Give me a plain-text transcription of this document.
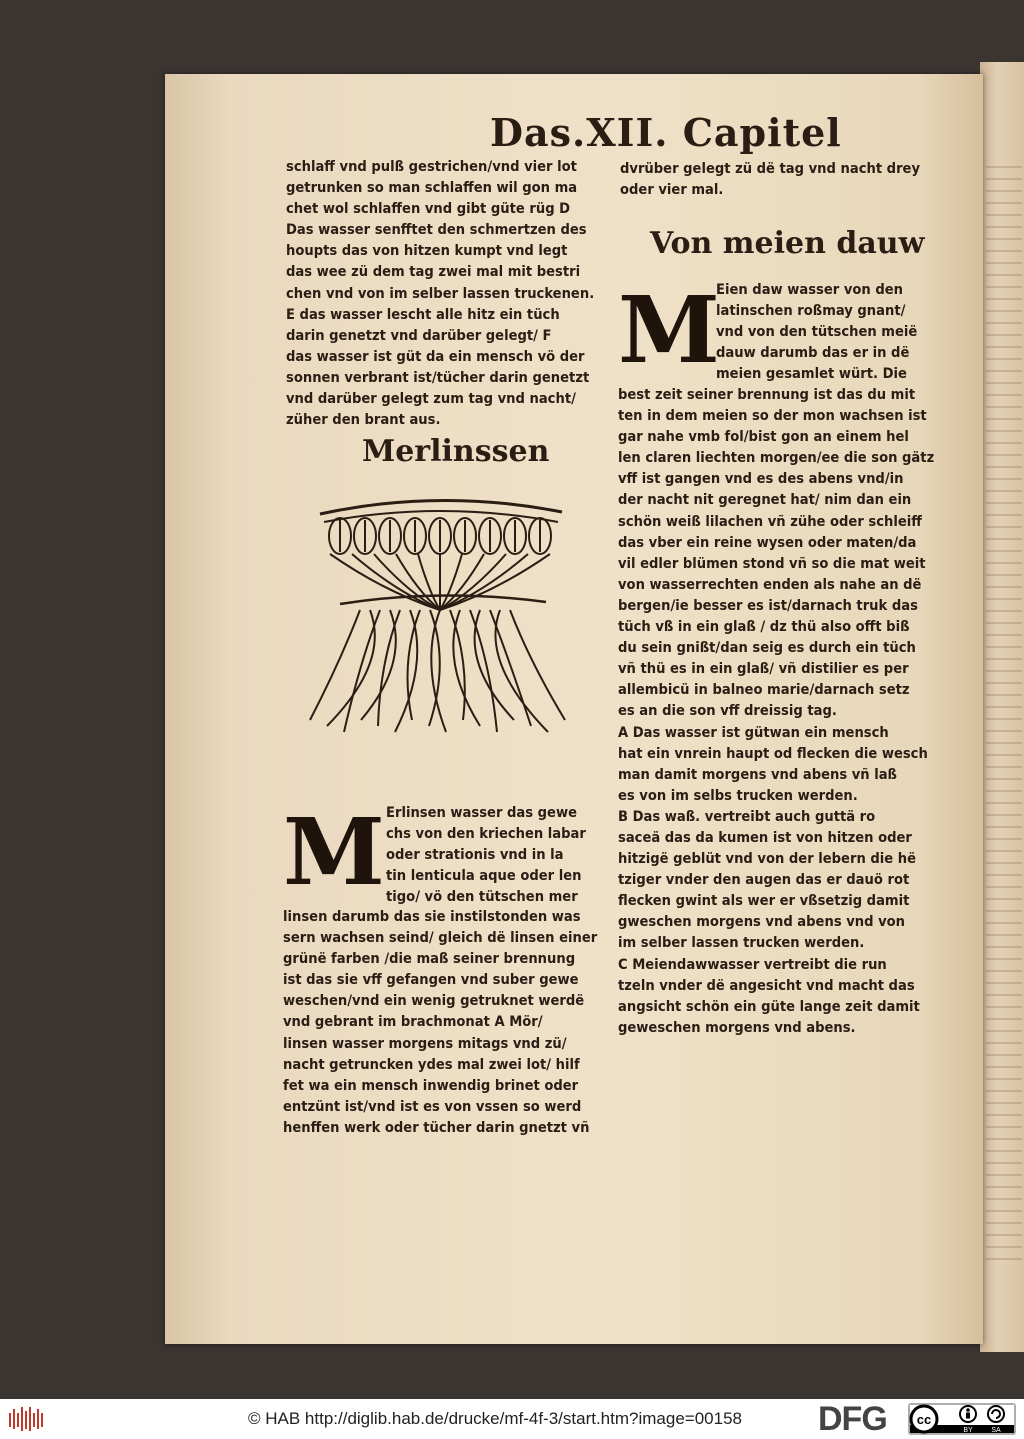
Das.XII. Capitel
schlaff vnd pulß gestrichen/vnd vier lot
getrunken so man schlaffen wil gon ma
chet wol schlaffen vnd gibt güte rüg D
Das wasser senfftet den schmertzen des
houpts das von hitzen kumpt vnd legt
das wee zü dem tag zwei mal mit bestri
chen vnd von im selber lassen truckenen.
E das wasser lescht alle hitz ein tüch
darin genetzt vnd darüber gelegt/ F
das wasser ist güt da ein mensch vö der
sonnen verbrant ist/tücher darin genetzt
vnd darüber gelegt zum tag vnd nacht/
züher den brant aus.
Merlinssen
M Erlinsen wasser das gewe
chs von den kriechen labar
oder strationis vnd in la
tin lenticula aque oder len
tigo/ vö den tütschen mer
linsen darumb das sie instilstonden was
sern wachsen seind/ gleich dë linsen einer
grünë farben /die maß seiner brennung
ist das sie vff gefangen vnd suber gewe
weschen/vnd ein wenig getruknet werdë
vnd gebrant im brachmonat A Mör/
linsen wasser morgens mitags vnd zü/
nacht getruncken ydes mal zwei lot/ hilf
fet wa ein mensch inwendig brinet oder
entzünt ist/vnd ist es von vssen so werd
henffen werk oder tücher darin gnetzt vñ
dvrüber gelegt zü dë tag vnd nacht drey
oder vier mal.
Von meien dauw
M
Eien daw wasser von den
latinschen roßmay gnant/
vnd von den tütschen meië
dauw darumb das er in dë
meien gesamlet würt. Die
best zeit seiner brennung ist das du mit
ten in dem meien so der mon wachsen ist
gar nahe vmb fol/bist gon an einem hel
len claren liechten morgen/ee die son gätz
vff ist gangen vnd es des abens vnd/in
der nacht nit geregnet hat/ nim dan ein
schön weiß lilachen vñ zühe oder schleiff
das vber ein reine wysen oder maten/da
vil edler blümen stond vñ so die mat weit
von wasserrechten enden als nahe an dë
bergen/ie besser es ist/darnach truk das
tüch vß in ein glaß / dz thü also offt biß
du sein gnißt/dan seig es durch ein tüch
vñ thü es in ein glaß/ vñ distilier es per
allembicü in balneo marie/darnach setz
es an die son vff dreissig tag.
A Das wasser ist gütwan ein mensch
hat ein vnrein haupt od flecken die wesch
man damit morgens vnd abens vñ laß
es von im selbs trucken werden.
B Das waß. vertreibt auch guttä ro
saceä das da kumen ist von hitzen oder
hitzigë geblüt vnd von der lebern die hë
tziger vnder den augen das er dauö rot
flecken gwint als wer er vßsetzig damit
gweschen morgens vnd abens vnd von
im selber lassen trucken werden.
C Meiendawwasser vertreibt die run
tzeln vnder dë angesicht vnd macht das
angsicht schön ein güte lange zeit damit
geweschen morgens vnd abens.
© HAB http://diglib.hab.de/drucke/mf-4f-3/start.htm?image=00158 DFG cc
BY	SA
